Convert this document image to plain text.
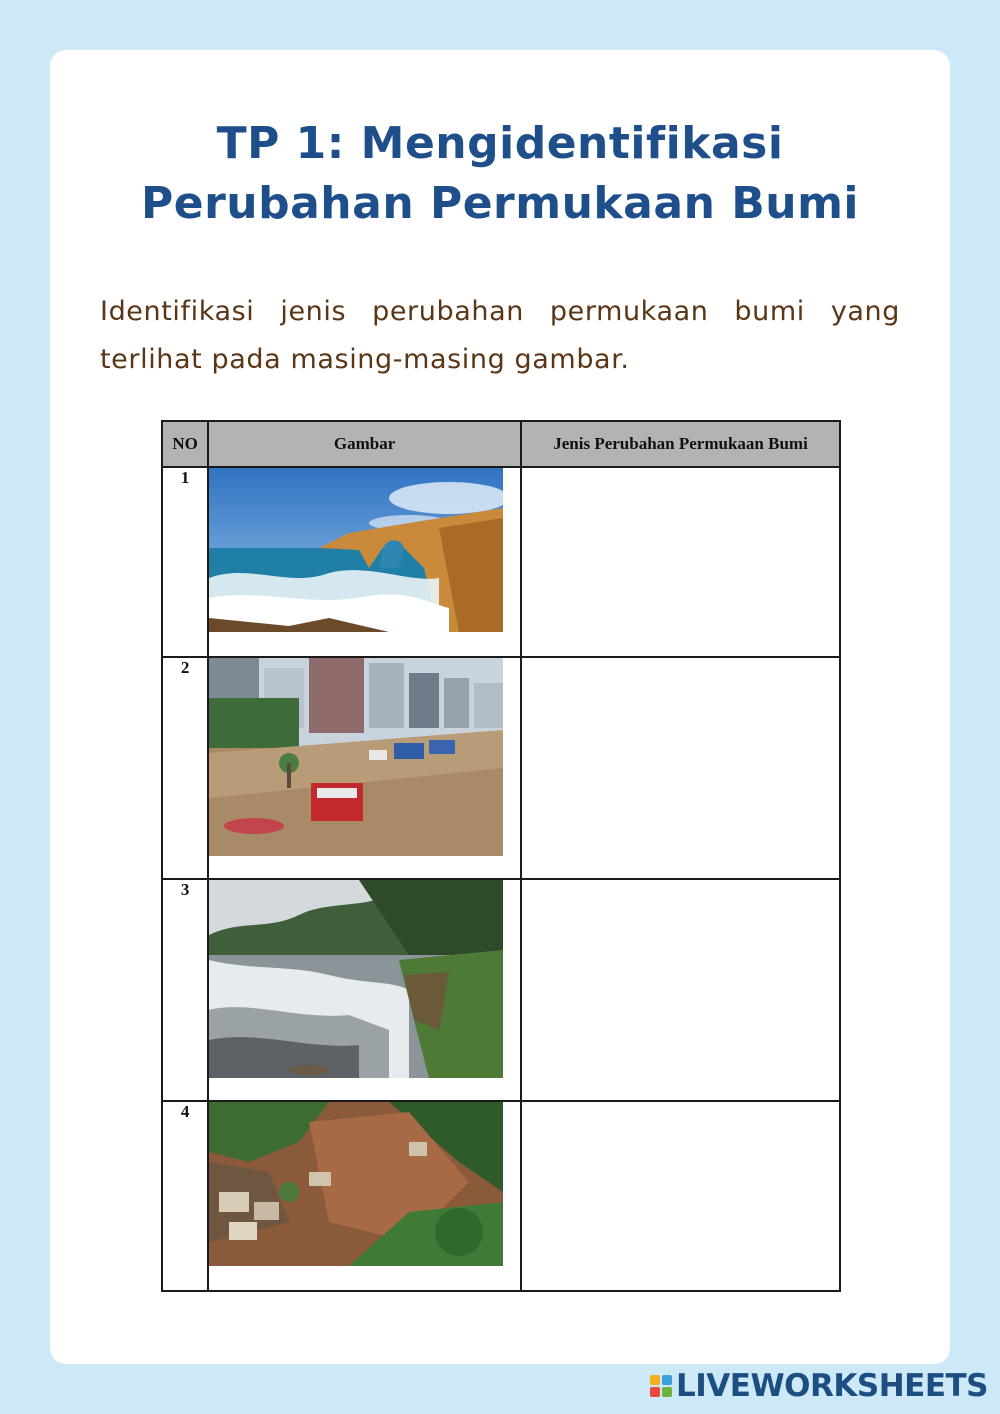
TP 1: Mengidentifikasi Perubahan Permukaan Bumi
Identifikasi jenis perubahan permukaan bumi yang terlihat pada masing-masing gambar.
NO	Gambar	Jenis Perubahan Permukaan Bumi
1	

2	

3	

4	

LIVEWORKSHEETS
